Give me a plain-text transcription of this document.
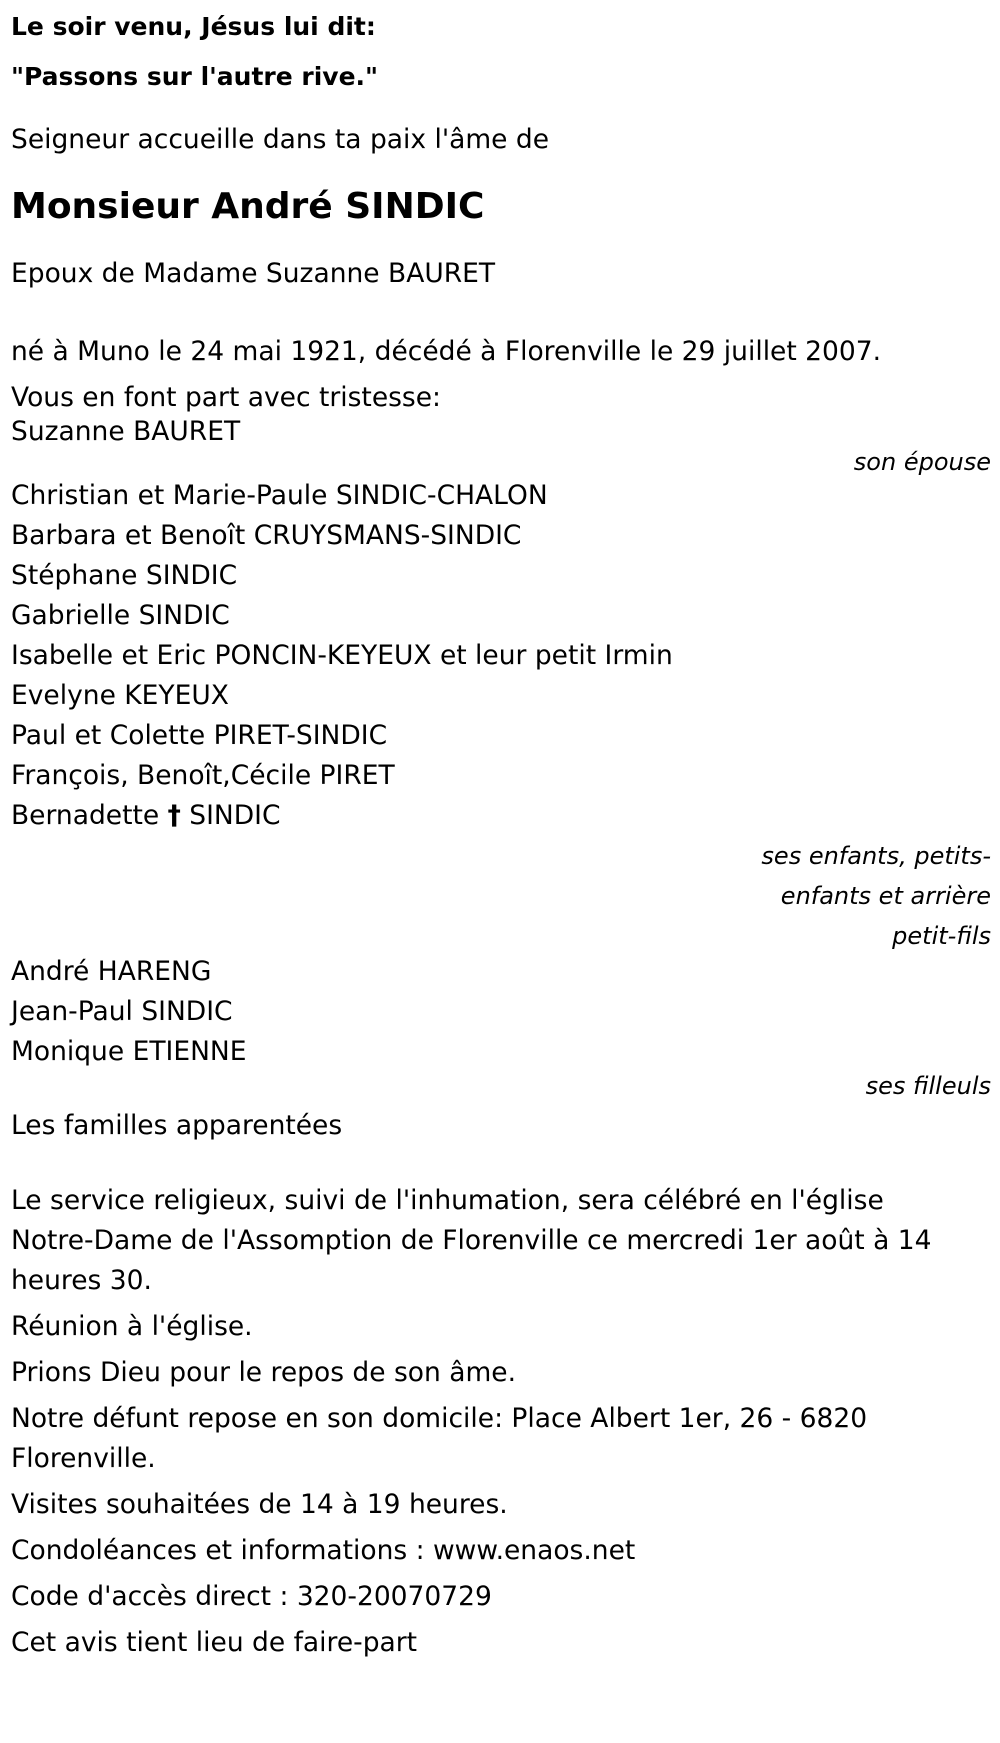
Le soir venu, Jésus lui dit:
"Passons sur l'autre rive."
Seigneur accueille dans ta paix l'âme de
Monsieur André SINDIC
Epoux de Madame Suzanne BAURET
né à Muno le 24 mai 1921, décédé à Florenville le 29 juillet 2007.
Vous en font part avec tristesse:
Suzanne BAURET
son épouse
Christian et Marie-Paule SINDIC-CHALON
Barbara et Benoît CRUYSMANS-SINDIC
Stéphane SINDIC
Gabrielle SINDIC
Isabelle et Eric PONCIN-KEYEUX et leur petit Irmin
Evelyne KEYEUX
Paul et Colette PIRET-SINDIC
François, Benoît,Cécile PIRET
Bernadette † SINDIC
ses enfants, petits-
enfants et arrière
petit-fils
André HARENG
Jean-Paul SINDIC
Monique ETIENNE
ses filleuls
Les familles apparentées
Le service religieux, suivi de l'inhumation, sera célébré en l'église Notre-Dame de l'Assomption de Florenville ce mercredi 1er août à 14 heures 30.
Réunion à l'église.
Prions Dieu pour le repos de son âme.
Notre défunt repose en son domicile: Place Albert 1er, 26 - 6820 Florenville.
Visites souhaitées de 14 à 19 heures.
Condoléances et informations : www.enaos.net
Code d'accès direct : 320-20070729
Cet avis tient lieu de faire-part
